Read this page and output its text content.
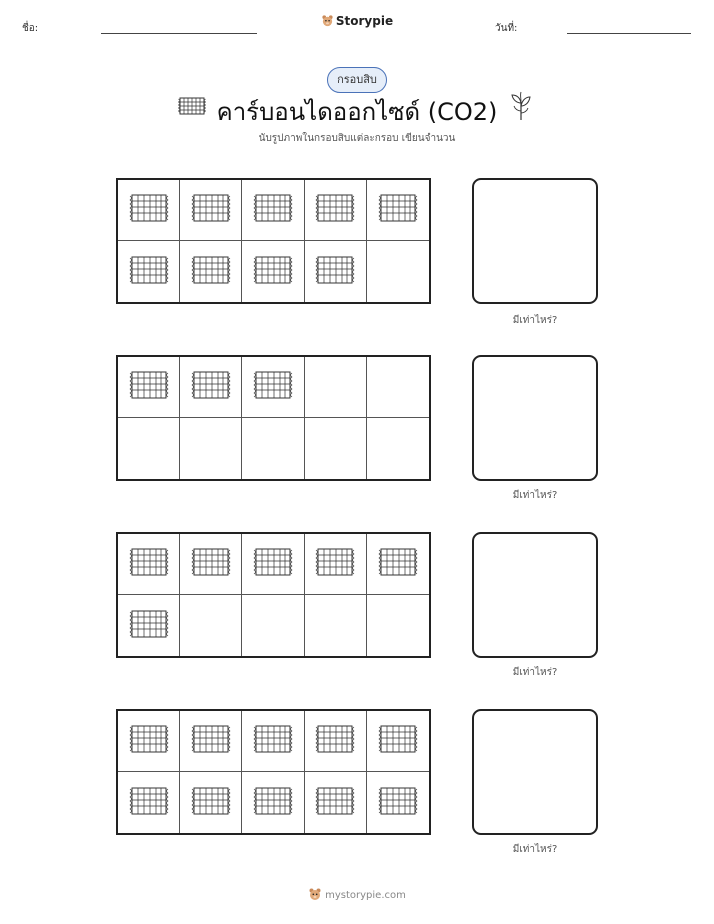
ชื่อ:
Storypie
วันที่:
กรอบสิบ
คาร์บอนไดออกไซด์ (CO2)
นับรูปภาพในกรอบสิบแต่ละกรอบ เขียนจำนวน
มีเท่าไหร่?
มีเท่าไหร่?
มีเท่าไหร่?
มีเท่าไหร่?
mystorypie.com
